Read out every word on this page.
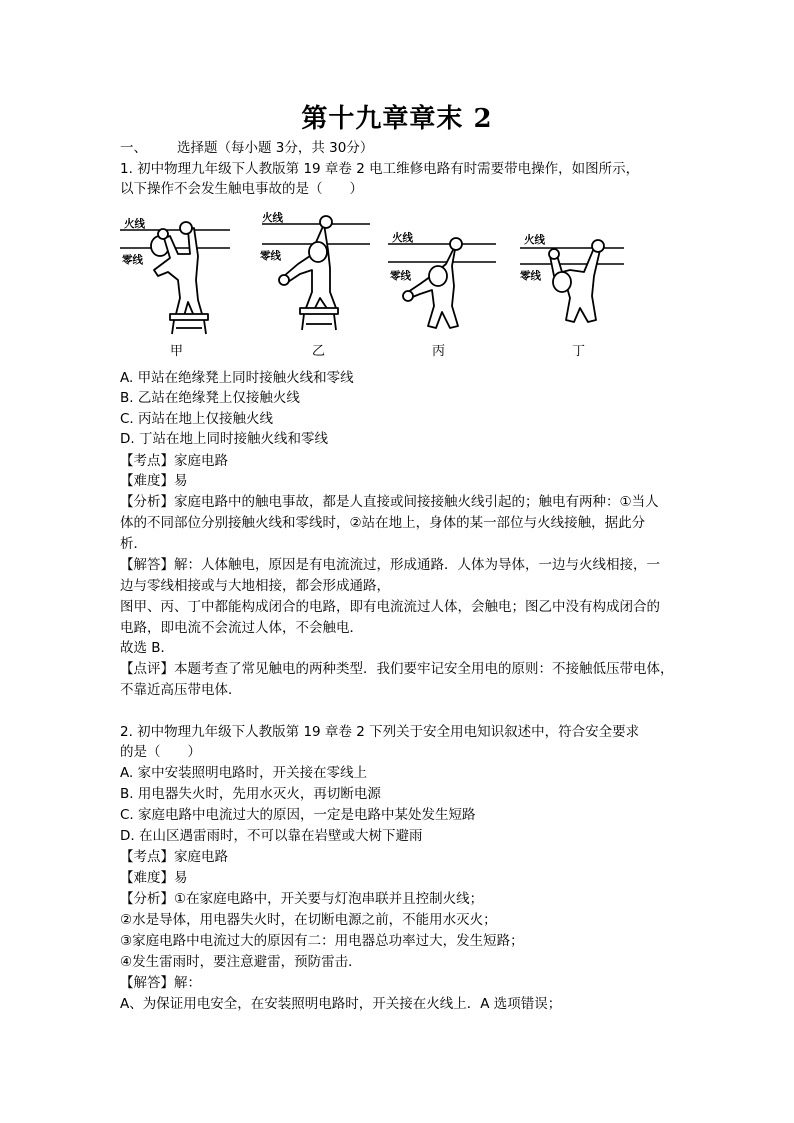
第十九章章末 2
一、 选择题（每小题 3分，共 30分）
1. 初中物理九年级下人教版第 19 章卷 2 电工维修电路有时需要带电操作，如图所示，
以下操作不会发生触电事故的是（　　）
火线
零线
甲
火线
零线
乙
火线
零线
丙
火线
零线
丁
A. 甲站在绝缘凳上同时接触火线和零线
B. 乙站在绝缘凳上仅接触火线
C. 丙站在地上仅接触火线
D. 丁站在地上同时接触火线和零线
【考点】家庭电路
【难度】易
【分析】家庭电路中的触电事故，都是人直接或间接接触火线引起的；触电有两种：①当人
体的不同部位分别接触火线和零线时，②站在地上，身体的某一部位与火线接触，据此分
析．
【解答】解：人体触电，原因是有电流流过，形成通路．人体为导体，一边与火线相接，一
边与零线相接或与大地相接，都会形成通路，
图甲、丙、丁中都能构成闭合的电路，即有电流流过人体，会触电；图乙中没有构成闭合的
电路，即电流不会流过人体，不会触电．
故选 B．
【点评】本题考查了常见触电的两种类型．我们要牢记安全用电的原则：不接触低压带电体，
不靠近高压带电体．
2. 初中物理九年级下人教版第 19 章卷 2 下列关于安全用电知识叙述中，符合安全要求
的是（　　）
A. 家中安装照明电路时，开关接在零线上
B. 用电器失火时，先用水灭火，再切断电源
C. 家庭电路中电流过大的原因，一定是电路中某处发生短路
D. 在山区遇雷雨时，不可以靠在岩壁或大树下避雨
【考点】家庭电路
【难度】易
【分析】①在家庭电路中，开关要与灯泡串联并且控制火线；
②水是导体，用电器失火时，在切断电源之前，不能用水灭火；
③家庭电路中电流过大的原因有二：用电器总功率过大，发生短路；
④发生雷雨时，要注意避雷，预防雷击．
【解答】解：
A、为保证用电安全，在安装照明电路时，开关接在火线上．A 选项错误；
